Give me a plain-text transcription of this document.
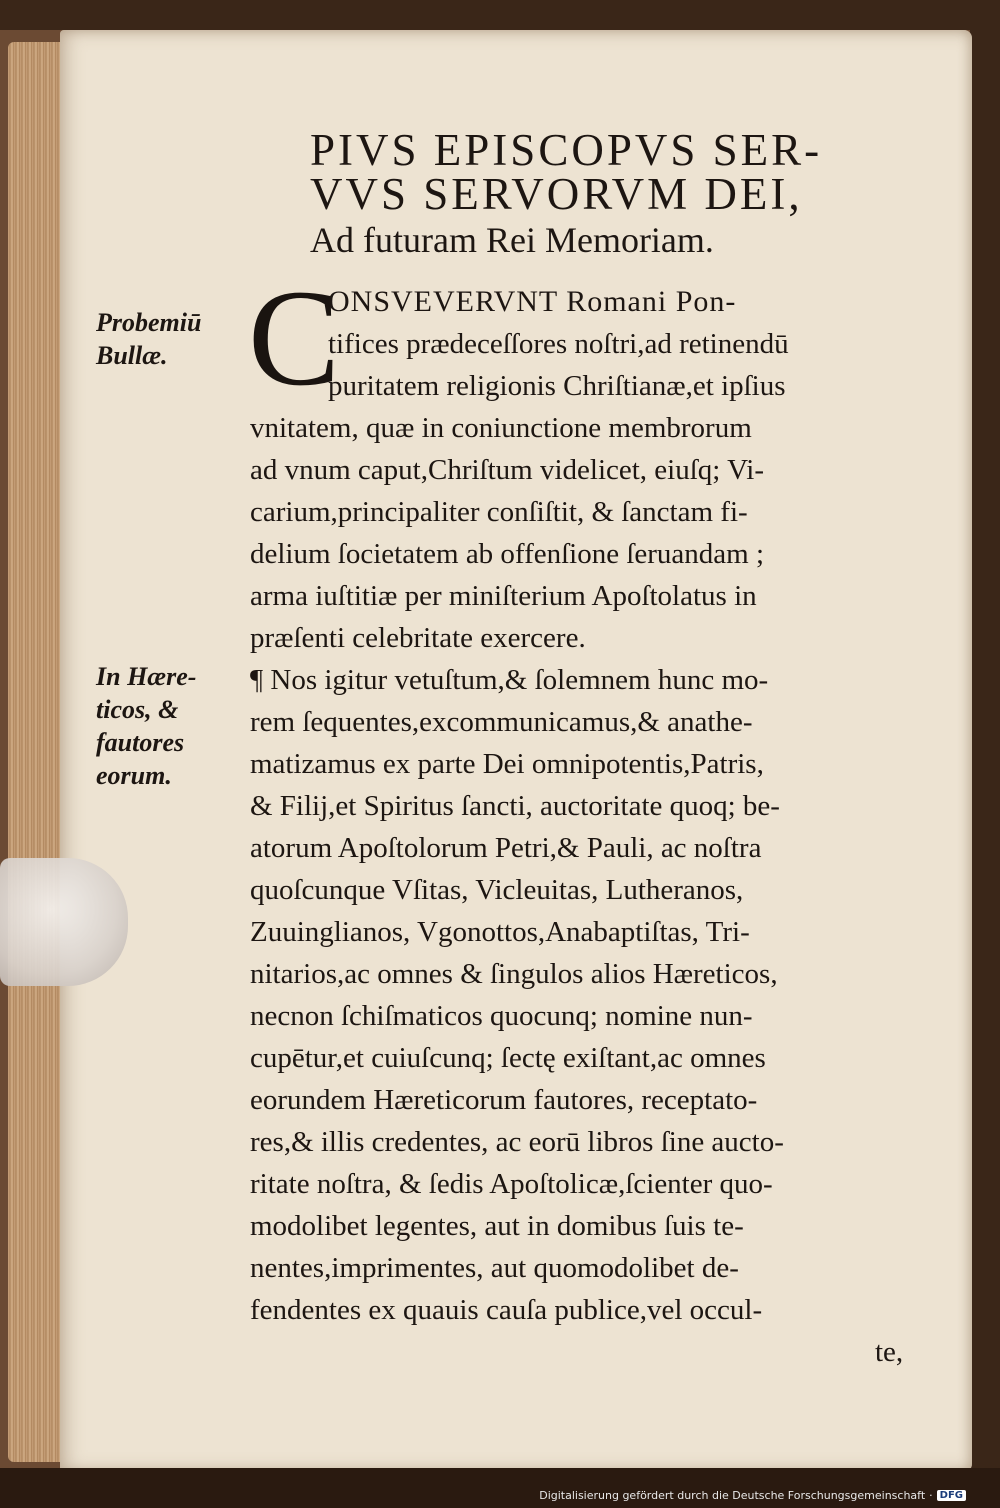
PIVS EPISCOPVS SER-
VVS SERVORVM DEI,
Ad futuram Rei Memoriam.
Probemiū
Bullæ.
In Hære-
ticos, &
fautores
eorum.
C
ONSVEVERVNT Romani Pon-
tifices prædeceſſores noſtri,ad retinendū
puritatem religionis Chriſtianæ,et ipſius
vnitatem, quæ in coniunctione membrorum
ad vnum caput,Chriſtum videlicet, eiuſq; Vi-
carium,principaliter conſiſtit, & ſanctam fi-
delium ſocietatem ab offenſione ſeruandam ;
arma iuſtitiæ per miniſterium Apoſtolatus in
præſenti celebritate exercere.
¶ Nos igitur vetuſtum,& ſolemnem hunc mo-
rem ſequentes,excommunicamus,& anathe-
matizamus ex parte Dei omnipotentis,Patris,
& Filij,et Spiritus ſancti, auctoritate quoq; be-
atorum Apoſtolorum Petri,& Pauli, ac noſtra
quoſcunque Vſitas, Vicleuitas, Lutheranos,
Zuuinglianos, Vgonottos,Anabaptiſtas, Tri-
nitarios,ac omnes & ſingulos alios Hæreticos,
necnon ſchiſmaticos quocunq; nomine nun-
cupētur,et cuiuſcunq; ſectę exiſtant,ac omnes
eorundem Hæreticorum fautores, receptato-
res,& illis credentes, ac eorū libros ſine aucto-
ritate noſtra, & ſedis Apoſtolicæ,ſcienter quo-
modolibet legentes, aut in domibus ſuis te-
nentes,imprimentes, aut quomodolibet de-
fendentes ex quauis cauſa publice,vel occul-
te,
Digitalisierung gefördert durch die Deutsche Forschungsgemeinschaft · DFG
